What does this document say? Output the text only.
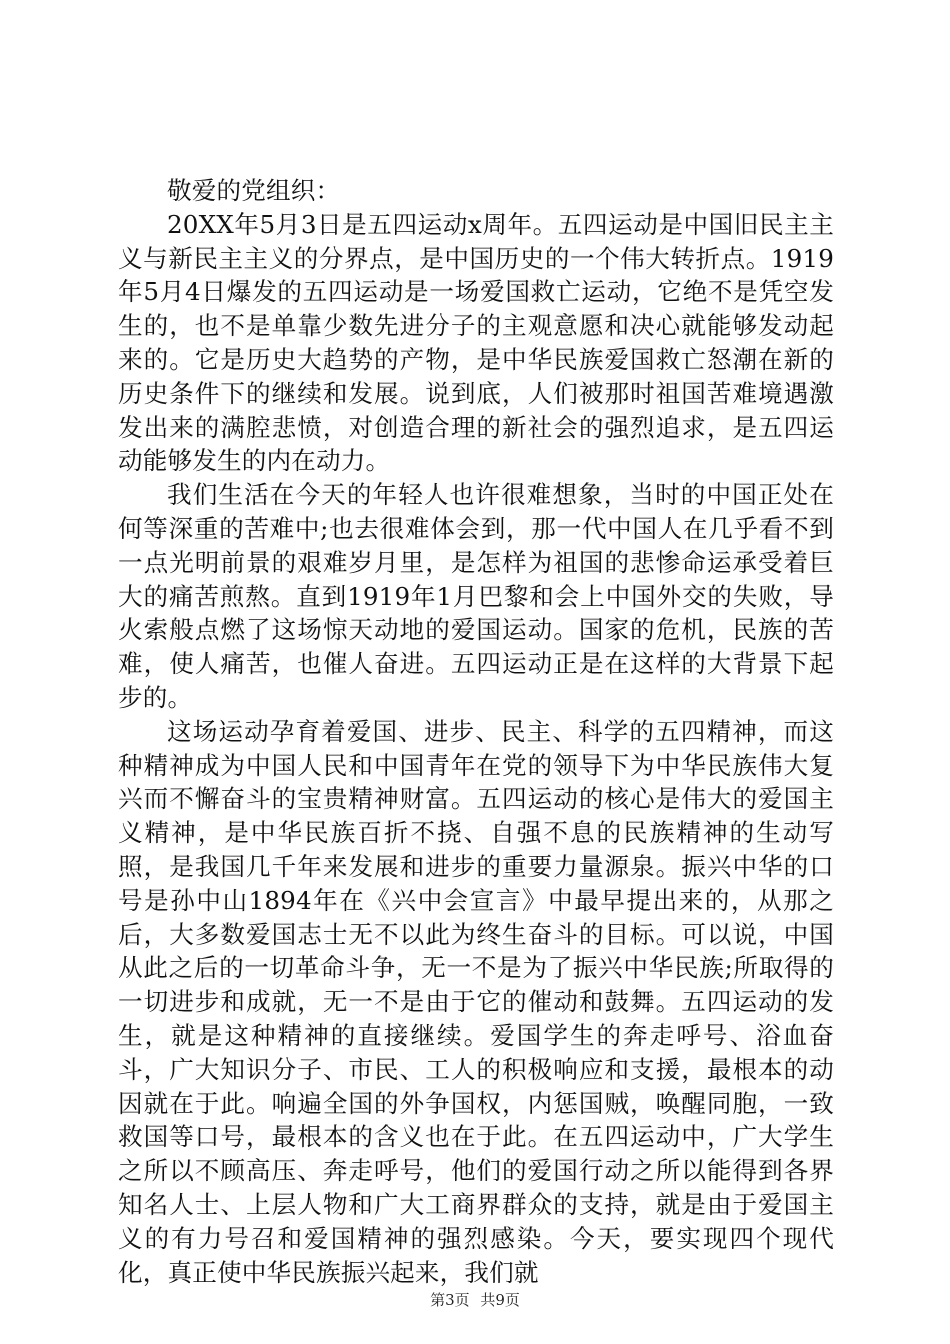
敬爱的党组织：

20XX年5月3日是五四运动x周年。五四运动是中国旧民主主义与新民主主义的分界点，是中国历史的一个伟大转折点。1919年5月4日爆发的五四运动是一场爱国救亡运动，它绝不是凭空发生的，也不是单靠少数先进分子的主观意愿和决心就能够发动起来的。它是历史大趋势的产物，是中华民族爱国救亡怒潮在新的历史条件下的继续和发展。说到底，人们被那时祖国苦难境遇激发出来的满腔悲愤，对创造合理的新社会的强烈追求，是五四运动能够发生的内在动力。

我们生活在今天的年轻人也许很难想象，当时的中国正处在何等深重的苦难中;也去很难体会到，那一代中国人在几乎看不到一点光明前景的艰难岁月里，是怎样为祖国的悲惨命运承受着巨大的痛苦煎熬。直到1919年1月巴黎和会上中国外交的失败，导火索般点燃了这场惊天动地的爱国运动。国家的危机，民族的苦难，使人痛苦，也催人奋进。五四运动正是在这样的大背景下起步的。

这场运动孕育着爱国、进步、民主、科学的五四精神，而这种精神成为中国人民和中国青年在党的领导下为中华民族伟大复兴而不懈奋斗的宝贵精神财富。五四运动的核心是伟大的爱国主义精神，是中华民族百折不挠、自强不息的民族精神的生动写照，是我国几千年来发展和进步的重要力量源泉。振兴中华的口号是孙中山1894年在《兴中会宣言》中最早提出来的，从那之后，大多数爱国志士无不以此为终生奋斗的目标。可以说，中国从此之后的一切革命斗争，无一不是为了振兴中华民族;所取得的一切进步和成就，无一不是由于它的催动和鼓舞。五四运动的发生，就是这种精神的直接继续。爱国学生的奔走呼号、浴血奋斗，广大知识分子、市民、工人的积极响应和支援，最根本的动因就在于此。响遍全国的外争国权，内惩国贼，唤醒同胞，一致救国等口号，最根本的含义也在于此。在五四运动中，广大学生之所以不顾高压、奔走呼号，他们的爱国行动之所以能得到各界知名人士、上层人物和广大工商界群众的支持，就是由于爱国主义的有力号召和爱国精神的强烈感染。今天，要实现四个现代化，真正使中华民族振兴起来，我们就

第3页 共9页
